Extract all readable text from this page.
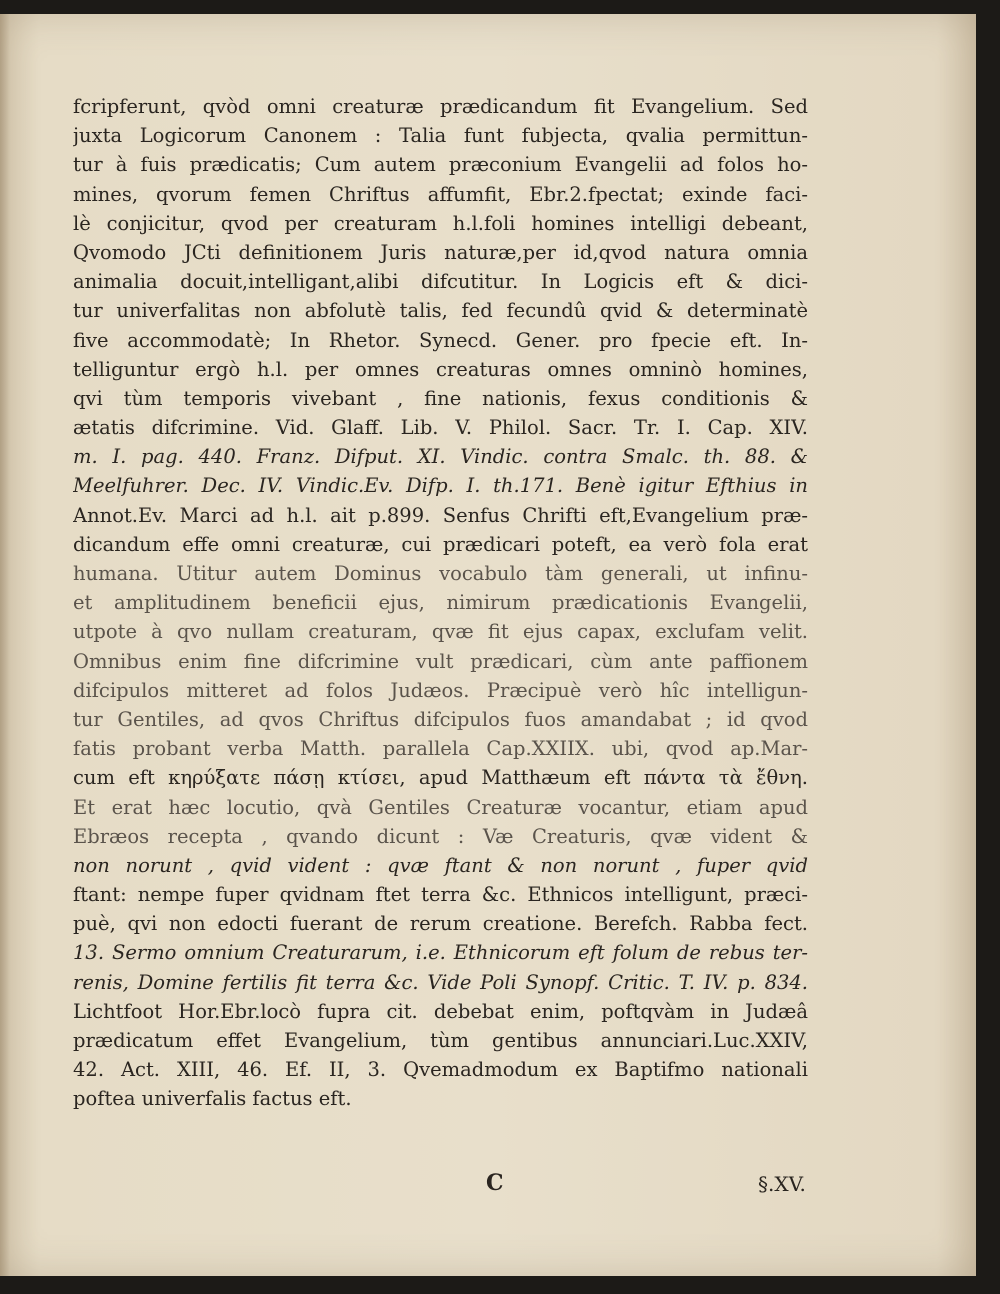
fcripferunt, qvòd omni creaturæ prædicandum fit Evangelium. Sed
juxta Logicorum Canonem : Talia funt fubjecta, qvalia permittun-
tur à fuis prædicatis; Cum autem præconium Evangelii ad folos ho-
mines, qvorum femen Chriftus affumfit, Ebr.2.fpectat; exinde faci-
lè conjicitur, qvod per creaturam h.l.foli homines intelligi debeant,
Qvomodo JCti definitionem Juris naturæ,per id,qvod natura omnia
animalia docuit,intelligant,alibi difcutitur. In Logicis eft & dici-
tur univerfalitas non abfolutè talis, fed fecundû qvid & determinatè
five accommodatè; In Rhetor. Synecd. Gener. pro fpecie eft. In-
telliguntur ergò h.l. per omnes creaturas omnes omninò homines,
qvi tùm temporis vivebant , fine nationis, fexus conditionis &
ætatis difcrimine. Vid. Glaff. Lib. V. Philol. Sacr. Tr. I. Cap. XIV.
m. I. pag. 440. Franz. Difput. XI. Vindic. contra Smalc. th. 88. &
Meelfuhrer. Dec. IV. Vindic.Ev. Difp. I. th.171. Benè igitur Efthius in
Annot.Ev. Marci ad h.l. ait p.899. Senfus Chrifti eft,Evangelium præ-
dicandum effe omni creaturæ, cui prædicari poteft, ea verò fola erat
humana. Utitur autem Dominus vocabulo tàm generali, ut infinu-
et amplitudinem beneficii ejus, nimirum prædicationis Evangelii,
utpote à qvo nullam creaturam, qvæ fit ejus capax, exclufam velit.
Omnibus enim fine difcrimine vult prædicari, cùm ante paffionem
difcipulos mitteret ad folos Judæos. Præcipuè verò hîc intelligun-
tur Gentiles, ad qvos Chriftus difcipulos fuos amandabat ; id qvod
fatis probant verba Matth. parallela Cap.XXIIX. ubi, qvod ap.Mar-
cum eft κηρύξατε πάσῃ κτίσει, apud Matthæum eft πάντα τὰ ἔθνη.
Et erat hæc locutio, qvà Gentiles Creaturæ vocantur, etiam apud
Ebræos recepta , qvando dicunt : Væ Creaturis, qvæ vident &
non norunt , qvid vident : qvæ ftant & non norunt , fuper qvid
ftant: nempe fuper qvidnam ftet terra &c. Ethnicos intelligunt, præci-
puè, qvi non edocti fuerant de rerum creatione. Berefch. Rabba fect.
13. Sermo omnium Creaturarum, i.e. Ethnicorum eft folum de rebus ter-
renis, Domine fertilis fit terra &c. Vide Poli Synopf. Critic. T. IV. p. 834.
Lichtfoot Hor.Ebr.locò fupra cit. debebat enim, poftqvàm in Judæâ
prædicatum effet Evangelium, tùm gentibus annunciari.Luc.XXIV,
42. Act. XIII, 46. Ef. II, 3. Qvemadmodum ex Baptifmo nationali
poftea univerfalis factus eft.
C	§.XV.
